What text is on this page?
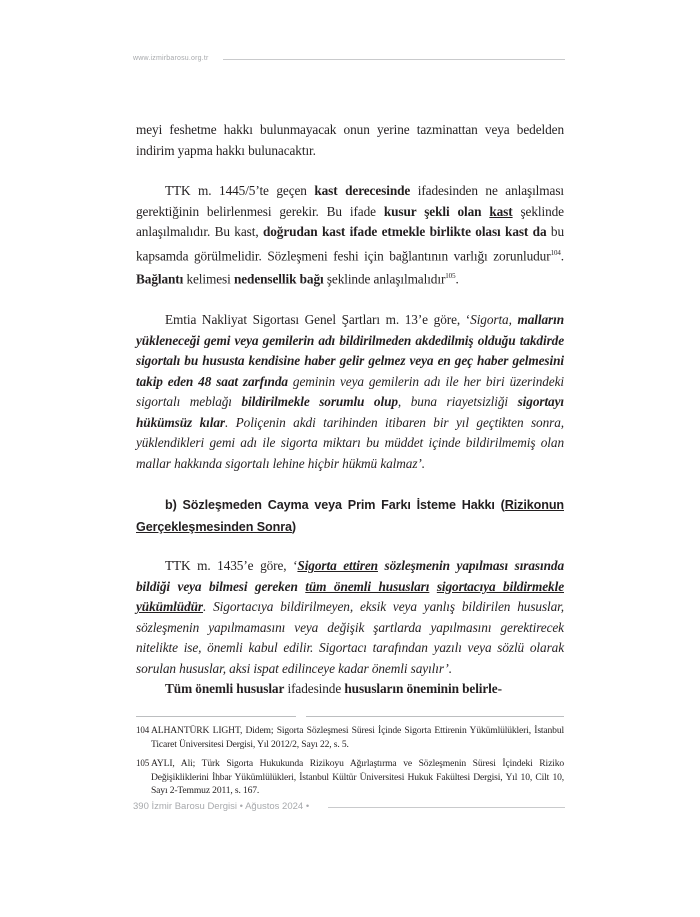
www.izmirbarosu.org.tr

meyi feshetme hakkı bulunmayacak onun yerine tazminattan veya bedelden indirim yapma hakkı bulunacaktır.

TTK m. 1445/5’te geçen kast derecesinde ifadesinden ne anlaşılması gerektiğinin belirlenmesi gerekir. Bu ifade kusur şekli olan kast şeklinde anlaşılmalıdır. Bu kast, doğrudan kast ifade etmekle birlikte olası kast da bu kapsamda görülmelidir. Sözleşmeni feshi için bağlantının varlığı zorunludur$^{104}$. Bağlantı kelimesi nedensellik bağı şeklinde anlaşılmalıdır$^{105}$.

Emtia Nakliyat Sigortası Genel Şartları m. 13’e göre, ‘Sigorta, malların yükleneceği gemi veya gemilerin adı bildirilmeden akdedilmiş olduğu takdirde sigortalı bu hususta kendisine haber gelir gelmez veya en geç haber gelmesini takip eden 48 saat zarfında geminin veya gemilerin adı ile her biri üzerindeki sigortalı meblağı bildirilmekle sorumlu olup, buna riayetsizliği sigortayı hükümsüz kılar. Poliçenin akdi tarihinden itibaren bir yıl geçtikten sonra, yüklendikleri gemi adı ile sigorta miktarı bu müddet içinde bildirilmemiş olan mallar hakkında sigortalı lehine hiçbir hükmü kalmaz’.

b) Sözleşmeden Cayma veya Prim Farkı İsteme Hakkı (Rizikonun Gerçekleşmesinden Sonra)

TTK m. 1435’e göre, ‘Sigorta ettiren sözleşmenin yapılması sırasında bildiği veya bilmesi gereken tüm önemli hususları sigortacıya bildirmekle yükümlüdür. Sigortacıya bildirilmeyen, eksik veya yanlış bildirilen hususlar, sözleşmenin yapılmamasını veya değişik şartlarda yapılmasını gerektirecek nitelikte ise, önemli kabul edilir. Sigortacı tarafından yazılı veya sözlü olarak sorulan hususlar, aksi ispat edilinceye kadar önemli sayılır’.

Tüm önemli hususlar ifadesinde hususların öneminin belirle-

104 ALHANTÜRK LIGHT, Didem; Sigorta Sözleşmesi Süresi İçinde Sigorta Ettirenin Yükümlülükleri, İstanbul Ticaret Üniversitesi Dergisi, Yıl 2012/2, Sayı 22, s. 5.
105 AYLI, Ali; Türk Sigorta Hukukunda Rizikoyu Ağırlaştırma ve Sözleşmenin Süresi İçindeki Riziko Değişikliklerini İhbar Yükümlülükleri, İstanbul Kültür Üniversitesi Hukuk Fakültesi Dergisi, Yıl 10, Cilt 10, Sayı 2-Temmuz 2011, s. 167.
390 İzmir Barosu Dergisi • Ağustos 2024 •
